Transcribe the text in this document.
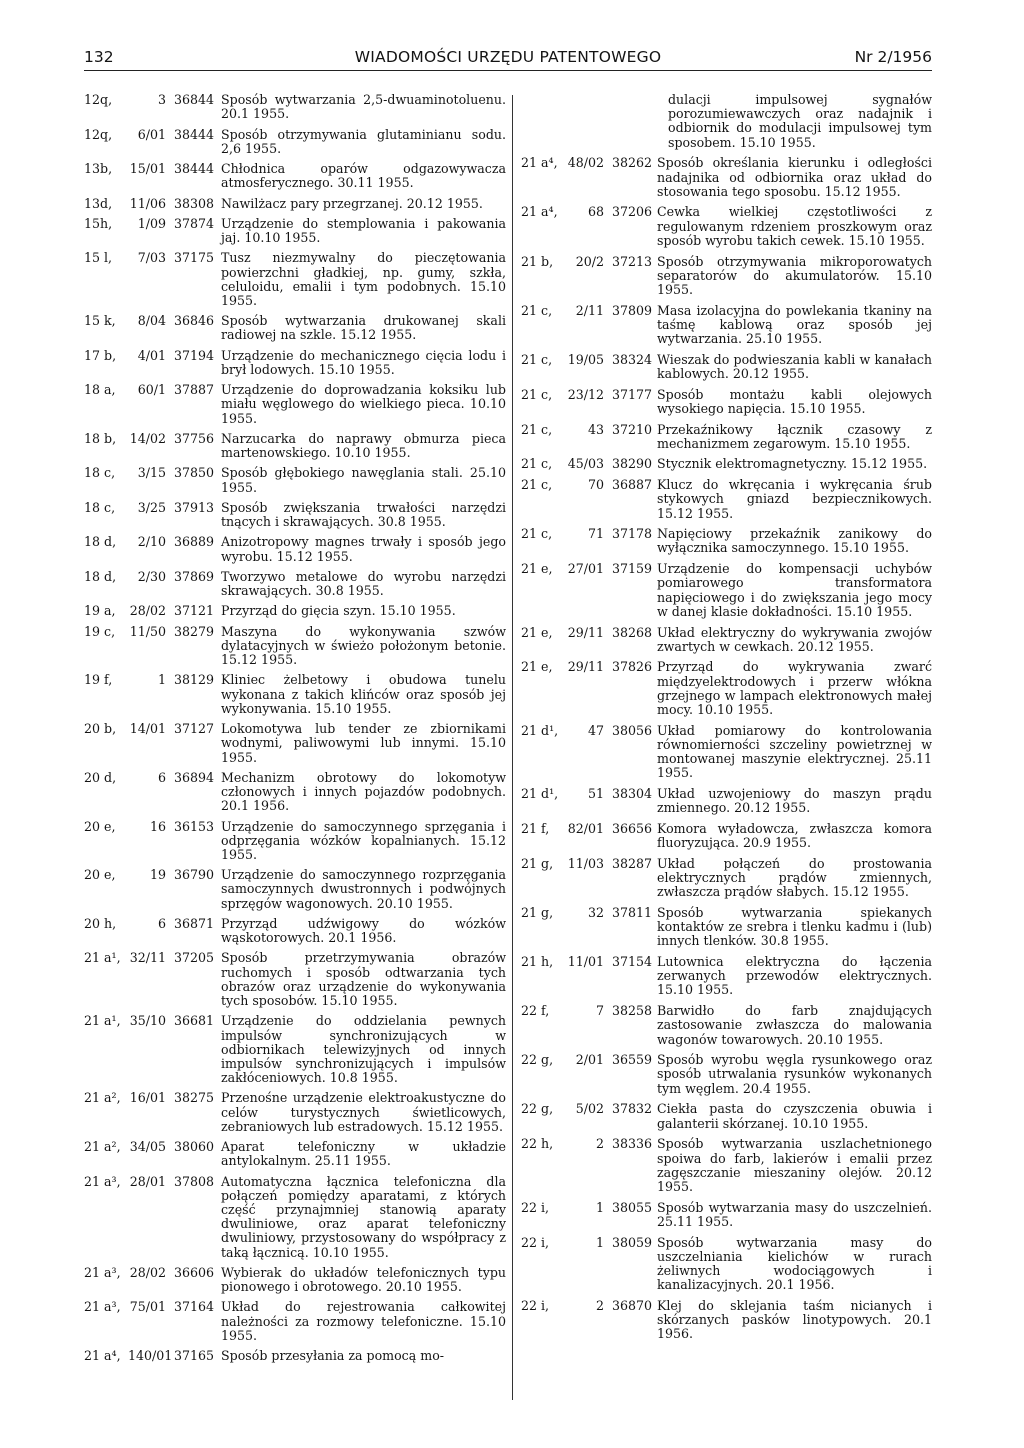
132	WIADOMOŚCI URZĘDU PATENTOWEGO	Nr 2/1956
12q,	3 36844 Sposób wytwarzania 2,5-dwuaminotoluenu. 20.1 1955.
12q,	6/01 38444 Sposób otrzymywania glutaminianu sodu. 2,6 1955.
13b,	15/01 38444 Chłodnica oparów odgazowywacza atmosferycznego. 30.11 1955.
13d,	11/06 38308 Nawilżacz pary przegrzanej. 20.12 1955.
15h,	1/09 37874 Urządzenie do stemplowania i pakowania jaj. 10.10 1955.
15 l,	7/03 37175 Tusz niezmywalny do pieczętowania powierzchni gładkiej, np. gumy, szkła, celuloidu, emalii i tym podobnych. 15.10 1955.
15 k,	8/04 36846 Sposób wytwarzania drukowanej skali radiowej na szkle. 15.12 1955.
17 b,	4/01 37194 Urządzenie do mechanicznego cięcia lodu i brył lodowych. 15.10 1955.
18 a,	60/1 37887 Urządzenie do doprowadzania koksiku lub miału węglowego do wielkiego pieca. 10.10 1955.
18 b,	14/02 37756 Narzucarka do naprawy obmurza pieca martenowskiego. 10.10 1955.
18 c,	3/15 37850 Sposób głębokiego nawęglania stali. 25.10 1955.
18 c,	3/25 37913 Sposób zwiększania trwałości narzędzi tnących i skrawających. 30.8 1955.
18 d,	2/10 36889 Anizotropowy magnes trwały i sposób jego wyrobu. 15.12 1955.
18 d,	2/30 37869 Tworzywo metalowe do wyrobu narzędzi skrawających. 30.8 1955.
19 a,	28/02 37121 Przyrząd do gięcia szyn. 15.10 1955.
19 c,	11/50 38279 Maszyna do wykonywania szwów dylatacyjnych w świeżo położonym betonie. 15.12 1955.
19 f,	1 38129 Kliniec żelbetowy i obudowa tunelu wykonana z takich klińców oraz sposób jej wykonywania. 15.10 1955.
20 b,	14/01 37127 Lokomotywa lub tender ze zbiornikami wodnymi, paliwowymi lub innymi. 15.10 1955.
20 d,	6 36894 Mechanizm obrotowy do lokomotyw członowych i innych pojazdów podobnych. 20.1 1956.
20 e,	16 36153 Urządzenie do samoczynnego sprzęgania i odprzęgania wózków kopalnianych. 15.12 1955.
20 e,	19 36790 Urządzenie do samoczynnego rozprzęgania samoczynnych dwustronnych i podwójnych sprzęgów wagonowych. 20.10 1955.
20 h,	6 36871 Przyrząd udźwigowy do wózków wąskotorowych. 20.1 1956.
21 a¹, 32/11 37205 Sposób przetrzymywania obrazów ruchomych i sposób odtwarzania tych obrazów oraz urządzenie do wykonywania tych sposobów. 15.10 1955.
21 a¹, 35/10 36681 Urządzenie do oddzielania pewnych impulsów synchronizujących w odbiornikach telewizyjnych od innych impulsów synchronizujących i impulsów zakłóceniowych. 10.8 1955.
21 a², 16/01 38275 Przenośne urządzenie elektroakustyczne do celów turystycznych świetlicowych, zebraniowych lub estradowych. 15.12 1955.
21 a², 34/05 38060 Aparat telefoniczny w układzie antylokalnym. 25.11 1955.
21 a³, 28/01 37808 Automatyczna łącznica telefoniczna dla połączeń pomiędzy aparatami, z których część przynajmniej stanowią aparaty dwuliniowe, oraz aparat telefoniczny dwuliniowy, przystosowany do współpracy z taką łącznicą. 10.10 1955.
21 a³, 28/02 36606 Wybierak do układów telefonicznych typu pionowego i obrotowego. 20.10 1955.
21 a³, 75/01 37164 Układ do rejestrowania całkowitej należności za rozmowy telefoniczne. 15.10 1955.
21 a⁴, 140/01 37165 Sposób przesyłania za pomocą mo-
dulacji impulsowej sygnałów porozumiewawczych oraz nadajnik i odbiornik do modulacji impulsowej tym sposobem. 15.10 1955.
21 a⁴, 48/02 38262 Sposób określania kierunku i odległości nadajnika od odbiornika oraz układ do stosowania tego sposobu. 15.12 1955.
21 a⁴,	68 37206 Cewka wielkiej częstotliwości z regulowanym rdzeniem proszkowym oraz sposób wyrobu takich cewek. 15.10 1955.
21 b,	20/2 37213 Sposób otrzymywania mikroporowatych separatorów do akumulatorów. 15.10 1955.
21 c,	2/11 37809 Masa izolacyjna do powlekania tkaniny na taśmę kablową oraz sposób jej wytwarzania. 25.10 1955.
21 c,	19/05 38324 Wieszak do podwieszania kabli w kanałach kablowych. 20.12 1955.
21 c,	23/12 37177 Sposób montażu kabli olejowych wysokiego napięcia. 15.10 1955.
21 c,	43 37210 Przekaźnikowy łącznik czasowy z mechanizmem zegarowym. 15.10 1955.
21 c,	45/03 38290 Stycznik elektromagnetyczny. 15.12 1955.
21 c,	70 36887 Klucz do wkręcania i wykręcania śrub stykowych gniazd bezpiecznikowych. 15.12 1955.
21 c,	71 37178 Napięciowy przekaźnik zanikowy do wyłącznika samoczynnego. 15.10 1955.
21 e,	27/01 37159 Urządzenie do kompensacji uchybów pomiarowego transformatora napięciowego i do zwiększania jego mocy w danej klasie dokładności. 15.10 1955.
21 e,	29/11 38268 Układ elektryczny do wykrywania zwojów zwartych w cewkach. 20.12 1955.
21 e,	29/11 37826 Przyrząd do wykrywania zwarć międzyelektrodowych i przerw włókna grzejnego w lampach elektronowych małej mocy. 10.10 1955.
21 d¹,	47 38056 Układ pomiarowy do kontrolowania równomierności szczeliny powietrznej w montowanej maszynie elektrycznej. 25.11 1955.
21 d¹,	51 38304 Układ uzwojeniowy do maszyn prądu zmiennego. 20.12 1955.
21 f,	82/01 36656 Komora wyładowcza, zwłaszcza komora fluoryzująca. 20.9 1955.
21 g,	11/03 38287 Układ połączeń do prostowania elektrycznych prądów zmiennych, zwłaszcza prądów słabych. 15.12 1955.
21 g,	32 37811 Sposób wytwarzania spiekanych kontaktów ze srebra i tlenku kadmu i (lub) innych tlenków. 30.8 1955.
21 h,	11/01 37154 Lutownica elektryczna do łączenia zerwanych przewodów elektrycznych. 15.10 1955.
22 f,	7 38258 Barwidło do farb znajdujących zastosowanie zwłaszcza do malowania wagonów towarowych. 20.10 1955.
22 g,	2/01 36559 Sposób wyrobu węgla rysunkowego oraz sposób utrwalania rysunków wykonanych tym węglem. 20.4 1955.
22 g,	5/02 37832 Ciekła pasta do czyszczenia obuwia i galanterii skórzanej. 10.10 1955.
22 h,	2 38336 Sposób wytwarzania uszlachetnionego spoiwa do farb, lakierów i emalii przez zagęszczanie mieszaniny olejów. 20.12 1955.
22 i,	1 38055 Sposób wytwarzania masy do uszczelnień. 25.11 1955.
22 i,	1 38059 Sposób wytwarzania masy do uszczelniania kielichów w rurach żeliwnych wodociągowych i kanalizacyjnych. 20.1 1956.
22 i,	2 36870 Klej do sklejania taśm nicianych i skórzanych pasków linotypowych. 20.1 1956.
